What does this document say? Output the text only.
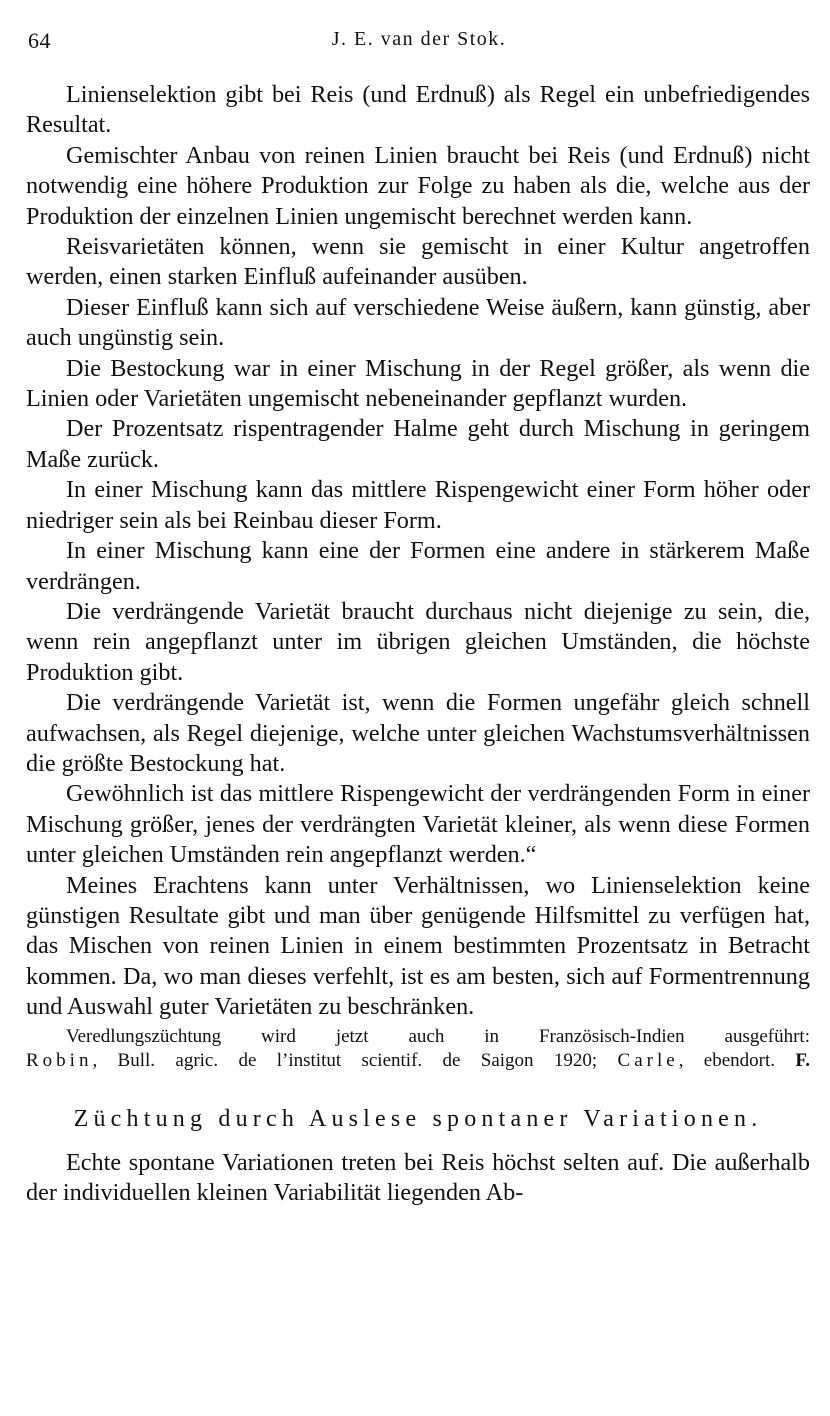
64	J. E. van der Stok.

Linienselektion gibt bei Reis (und Erdnuß) als Regel ein unbefriedigendes Resultat.

Gemischter Anbau von reinen Linien braucht bei Reis (und Erdnuß) nicht notwendig eine höhere Produktion zur Folge zu haben als die, welche aus der Produktion der einzelnen Linien ungemischt berechnet werden kann.

Reisvarietäten können, wenn sie gemischt in einer Kultur angetroffen werden, einen starken Einfluß aufeinander ausüben.

Dieser Einfluß kann sich auf verschiedene Weise äußern, kann günstig, aber auch ungünstig sein.

Die Bestockung war in einer Mischung in der Regel größer, als wenn die Linien oder Varietäten ungemischt nebeneinander gepflanzt wurden.

Der Prozentsatz rispentragender Halme geht durch Mischung in geringem Maße zurück.

In einer Mischung kann das mittlere Rispengewicht einer Form höher oder niedriger sein als bei Reinbau dieser Form.

In einer Mischung kann eine der Formen eine andere in stärkerem Maße verdrängen.

Die verdrängende Varietät braucht durchaus nicht diejenige zu sein, die, wenn rein angepflanzt unter im übrigen gleichen Umständen, die höchste Produktion gibt.

Die verdrängende Varietät ist, wenn die Formen ungefähr gleich schnell aufwachsen, als Regel diejenige, welche unter gleichen Wachstumsverhältnissen die größte Bestockung hat.

Gewöhnlich ist das mittlere Rispengewicht der verdrängenden Form in einer Mischung größer, jenes der verdrängten Varietät kleiner, als wenn diese Formen unter gleichen Umständen rein angepflanzt werden.“

Meines Erachtens kann unter Verhältnissen, wo Linienselektion keine günstigen Resultate gibt und man über genügende Hilfsmittel zu verfügen hat, das Mischen von reinen Linien in einem bestimmten Prozentsatz in Betracht kommen. Da, wo man dieses verfehlt, ist es am besten, sich auf Formentrennung und Auswahl guter Varietäten zu beschränken.

Veredlungszüchtung wird jetzt auch in Französisch-Indien ausgeführt:
Robin, Bull. agric. de l’institut scientif. de Saigon 1920; Carle, ebendort. F.
Züchtung durch Auslese spontaner Variationen.

Echte spontane Variationen treten bei Reis höchst selten auf. Die außerhalb der individuellen kleinen Variabilität liegenden Ab-
